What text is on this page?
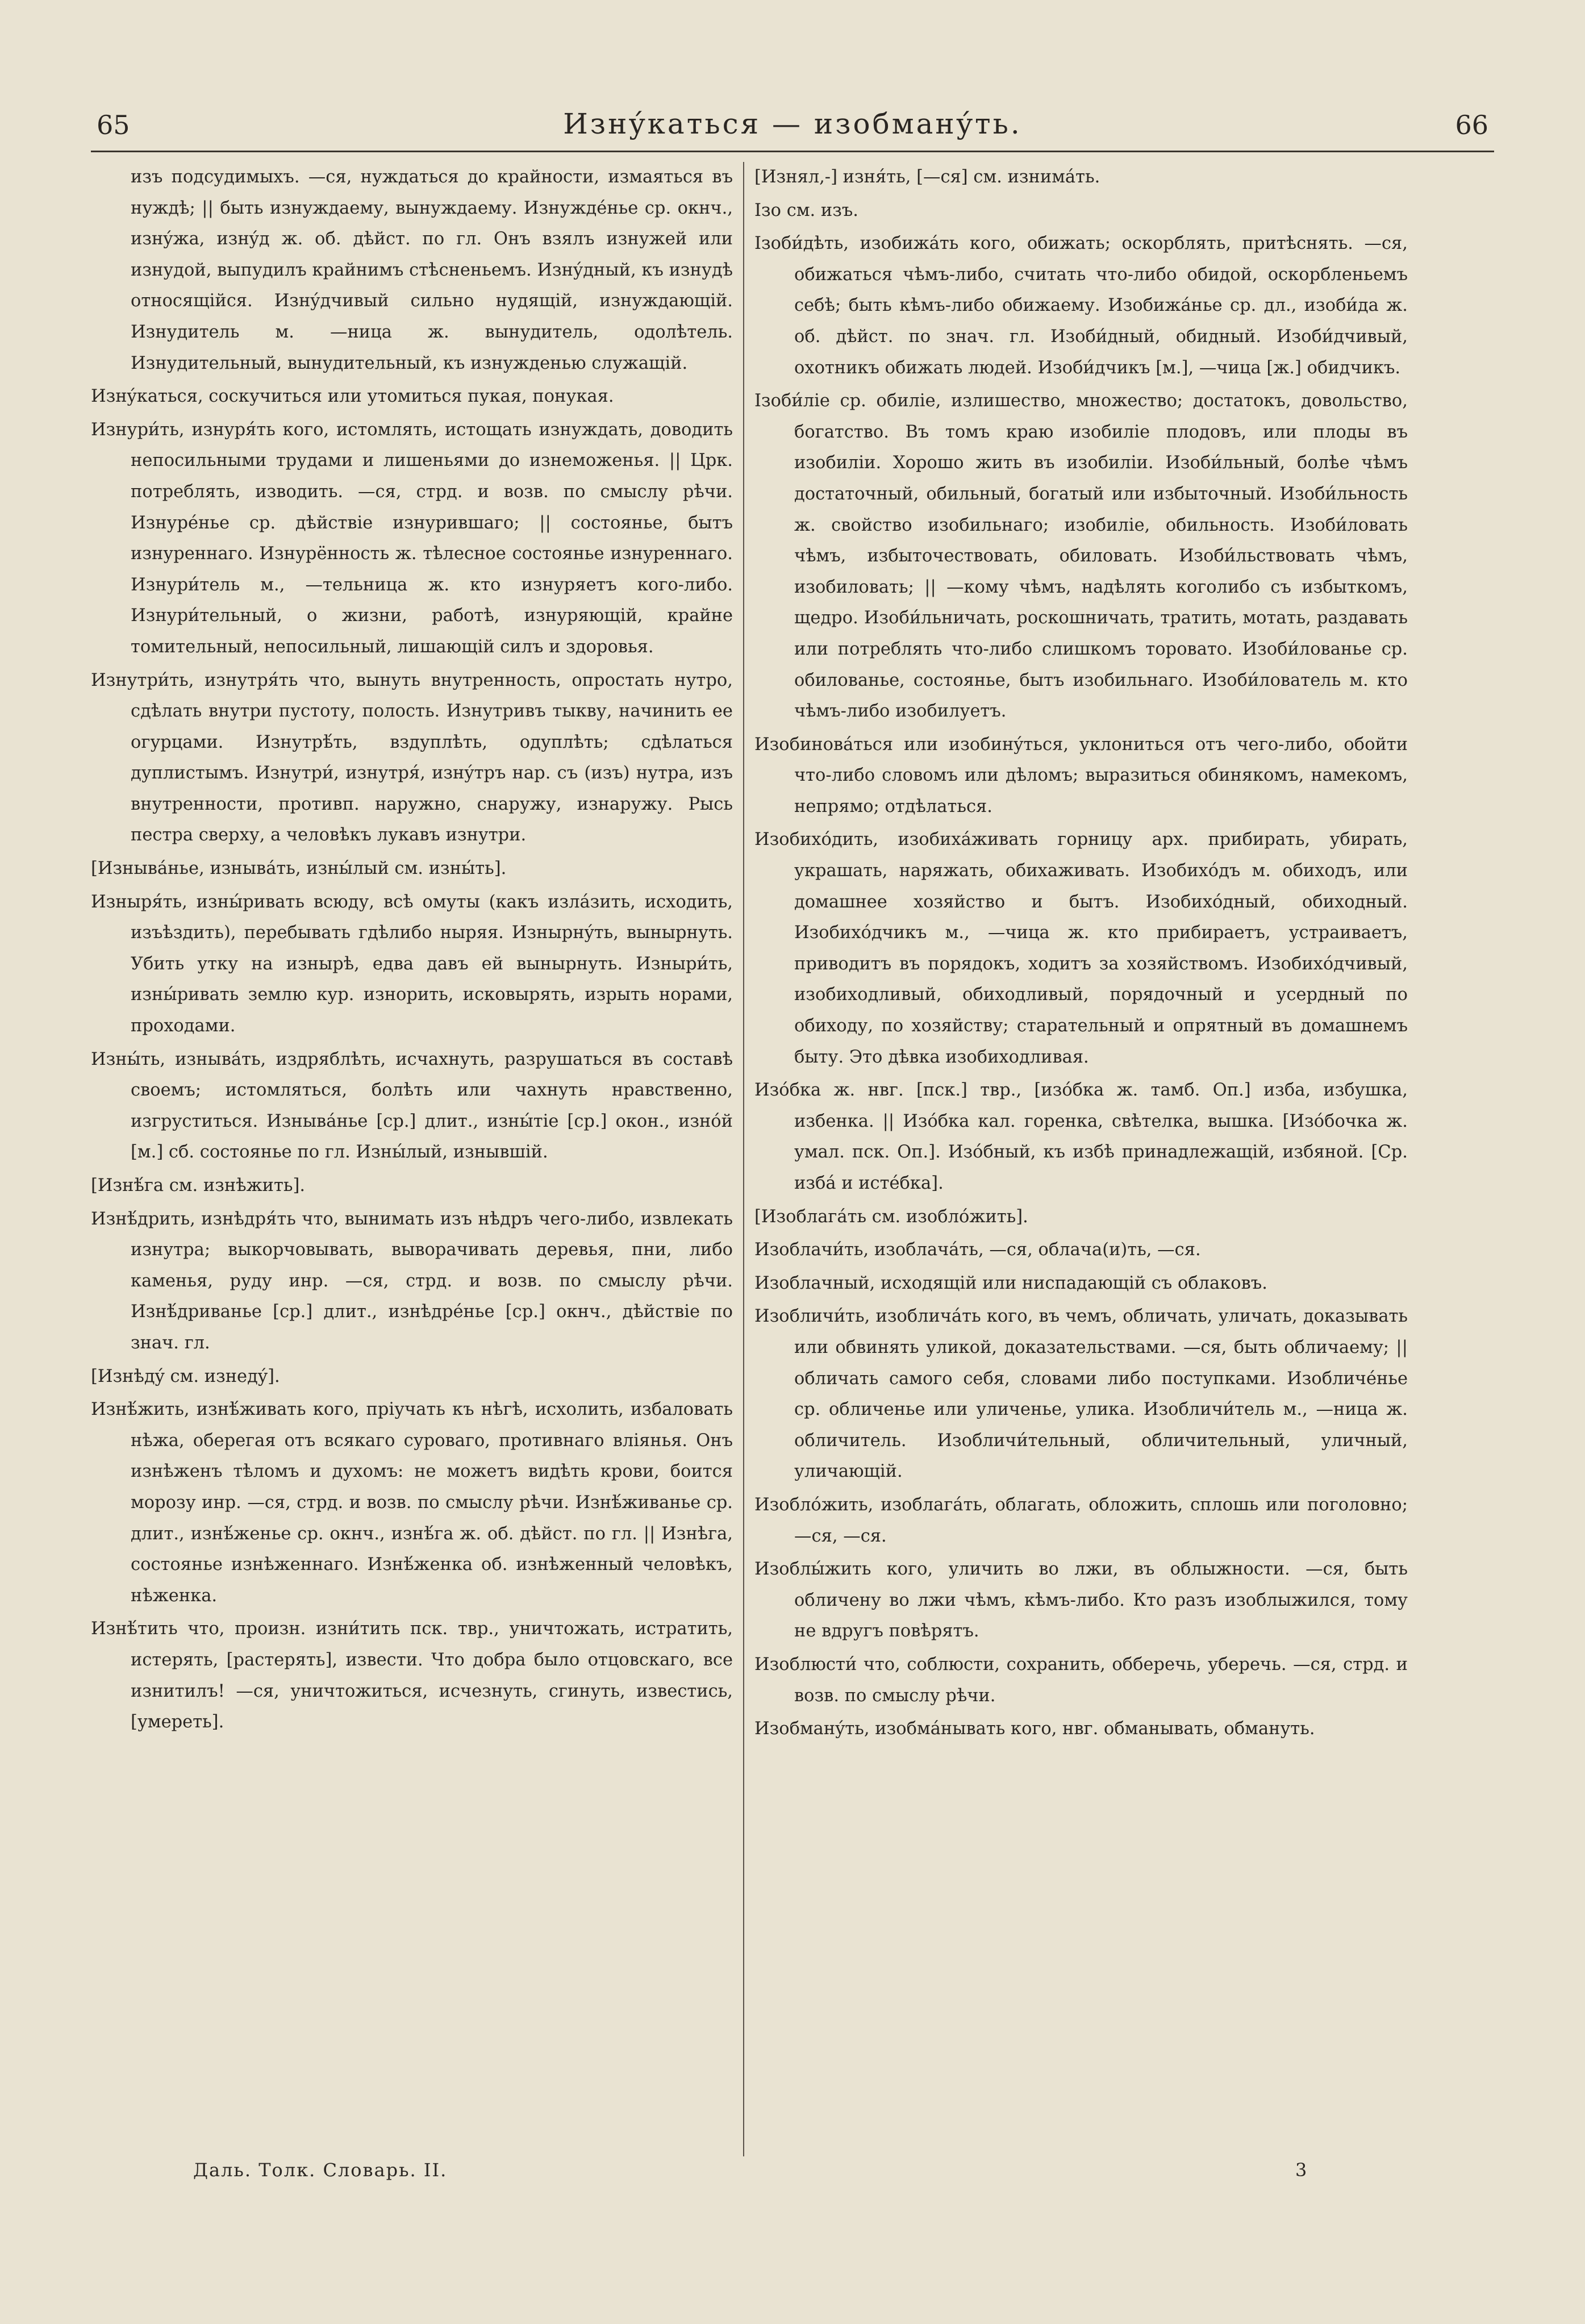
65	Изнýкаться — изобманýть.	66

изъ подсудимыхъ. —ся, нуждаться до крайности, измаяться въ нуждѣ; || быть изнуждаему, вынуждаему. Изнуждéнье ср. окнч., изнýжа, изнýд ж. об. дѣйст. по гл. Онъ взялъ изнужей или изнудой, выпудилъ крайнимъ стѣсненьемъ. Изнýдный, къ изнудѣ относящійся. Изнýдчивый сильно нудящій, изнуждающій. Изнудитель м. —ница ж. вынудитель, одолѣтель. Изнудительный, вынудительный, къ изнужденью служащій.

Изнýкаться, соскучиться или утомиться пукая, понукая.

Изнури́ть, изнуря́ть кого, истомлять, истощать изнуждать, доводить непосильными трудами и лишеньями до изнеможенья. || Црк. потреблять, изводить. —ся, стрд. и возв. по смыслу рѣчи. Изнурéнье ср. дѣйствіе изнурившаго; || состоянье, бытъ изнуреннаго. Изнурённость ж. тѣлесное состоянье изнуреннаго. Изнури́тель м., —тельница ж. кто изнуряетъ кого-либо. Изнури́тельный, о жизни, работѣ, изнуряющій, крайне томительный, непосильный, лишающій силъ и здоровья.

Изнутри́ть, изнутря́ть что, вынуть внутренность, опростать нутро, сдѣлать внутри пустоту, полость. Изнутривъ тыкву, начинить ее огурцами. Изнутрѣ́ть, вздуплѣть, одуплѣть; сдѣлаться дуплистымъ. Изнутри́, изнутря́, изнýтръ нар. съ (изъ) нутра, изъ внутренности, противп. наружно, снаружу, изнаружу. Рысь пестра сверху, а человѣкъ лукавъ изнутри.

[Изнывáнье, изныва́ть, изны́лый см. изны́ть].

Изныря́ть, изны́ривать всюду, всѣ омуты (какъ излáзить, исходить, изъѣздить), перебывать гдѣлибо ныряя. Изнырнýть, вынырнуть. Убить утку на изнырѣ, едва давъ ей вынырнуть. Изныри́ть, изны́ривать землю кур. изнорить, исковырять, изрыть норами, проходами.

Изны́ть, изныва́ть, издряблѣть, исчахнуть, разрушаться въ составѣ своемъ; истомляться, болѣть или чахнуть нравственно, изгруститься. Изнывáнье [ср.] длит., изны́тіе [ср.] окон., изнóй [м.] сб. состоянье по гл. Изны́лый, изнывшій.

[Изнѣ́га см. изнѣжить].

Изнѣ́дрить, изнѣдря́ть что, вынимать изъ нѣдръ чего-либо, извлекать изнутра; выкорчовывать, выворачивать деревья, пни, либо каменья, руду инр. —ся, стрд. и возв. по смыслу рѣчи. Изнѣ́дриванье [ср.] длит., изнѣдрéнье [ср.] окнч., дѣйствіе по знач. гл.

[Изнѣдý см. изнедý].

Изнѣ́жить, изнѣ́живать кого, пріучать къ нѣгѣ, исхолить, избаловать нѣжа, оберегая отъ всякаго суроваго, противнаго вліянья. Онъ изнѣженъ тѣломъ и духомъ: не можетъ видѣть крови, боится морозу инр. —ся, стрд. и возв. по смыслу рѣчи. Изнѣ́живанье ср. длит., изнѣ́женье ср. окнч., изнѣ́га ж. об. дѣйст. по гл. || Изнѣга, состоянье изнѣженнаго. Изнѣ́женка об. изнѣженный человѣкъ, нѣженка.

Изнѣ́тить что, произн. изни́тить пск. твр., уничтожать, истратить, истерять, [растерять], извести. Что добра было отцовскаго, все изнитилъ! —ся, уничтожиться, исчезнуть, сгинуть, известись, [умереть].

[Изнял,-] изня́ть, [—ся] см. изнимáть.

Ізо см. изъ.

Ізоби́дѣть, изобижáть кого, обижать; оскорблять, притѣснять. —ся, обижаться чѣмъ-либо, считать что-либо обидой, оскорбленьемъ себѣ; быть кѣмъ-либо обижаему. Изобижáнье ср. дл., изоби́да ж. об. дѣйст. по знач. гл. Изоби́дный, обидный. Изоби́дчивый, охотникъ обижать людей. Изоби́дчикъ [м.], —чица [ж.] обидчикъ.

Ізоби́ліе ср. обиліе, излишество, множество; достатокъ, довольство, богатство. Въ томъ краю изобиліе плодовъ, или плоды въ изобиліи. Хорошо жить въ изобиліи. Изоби́льный, болѣе чѣмъ достаточный, обильный, богатый или избыточный. Изоби́льность ж. свойство изобильнаго; изобиліе, обильность. Изоби́ловать чѣмъ, избыточествовать, обиловать. Изоби́льствовать чѣмъ, изобиловать; || —кому чѣмъ, надѣлять коголибо съ избыткомъ, щедро. Изоби́льничать, роскошничать, тратить, мотать, раздавать или потреблять что-либо слишкомъ торовато. Изоби́лованье ср. обилованье, состоянье, бытъ изобильнаго. Изоби́лователь м. кто чѣмъ-либо изобилуетъ.

Изобиновáться или изобинýться, уклониться отъ чего-либо, обойти что-либо словомъ или дѣломъ; выразиться обинякомъ, намекомъ, непрямо; отдѣлаться.

Изобихóдить, изобихáживать горницу арх. прибирать, убирать, украшать, наряжать, обихаживать. Изобихóдъ м. обиходъ, или домашнее хозяйство и бытъ. Изобихóдный, обиходный. Изобихóдчикъ м., —чица ж. кто прибираетъ, устраиваетъ, приводитъ въ порядокъ, ходитъ за хозяйствомъ. Изобихóдчивый, изобиходливый, обиходливый, порядочный и усердный по обиходу, по хозяйству; старательный и опрятный въ домашнемъ быту. Это дѣвка изобиходливая.

Изóбка ж. нвг. [пск.] твр., [изóбка ж. тамб. Оп.] изба, избушка, избенка. || Изóбка кал. горенка, свѣтелка, вышка. [Изóбочка ж. умал. пск. Оп.]. Изóбный, къ избѣ принадлежащій, избяной. [Ср. избá и истéбка].

[Изоблагáть см. изоблóжить].

Изоблачи́ть, изоблачáть, —ся, облача(и)ть, —ся.

Изоблачный, исходящій или ниспадающій съ облаковъ.

Изобличи́ть, изобличáть кого, въ чемъ, обличать, уличать, доказывать или обвинять уликой, доказательствами. —ся, быть обличаему; || обличать самого себя, словами либо поступками. Изобличéнье ср. обличенье или уличенье, улика. Изобличи́тель м., —ница ж. обличитель. Изобличи́тельный, обличительный, уличный, уличающій.

Изоблóжить, изоблагáть, облагать, обложить, сплошь или поголовно; —ся, —ся.

Изоблы́жить кого, уличить во лжи, въ облыжности. —ся, быть обличену во лжи чѣмъ, кѣмъ-либо. Кто разъ изоблыжился, тому не вдругъ повѣрятъ.

Изоблюсти́ что, соблюсти, сохранить, обберечь, уберечь. —ся, стрд. и возв. по смыслу рѣчи.

Изобманýть, изобмáнывать кого, нвг. обманывать, обмануть.

Даль. Толк. Словарь. II.	3
